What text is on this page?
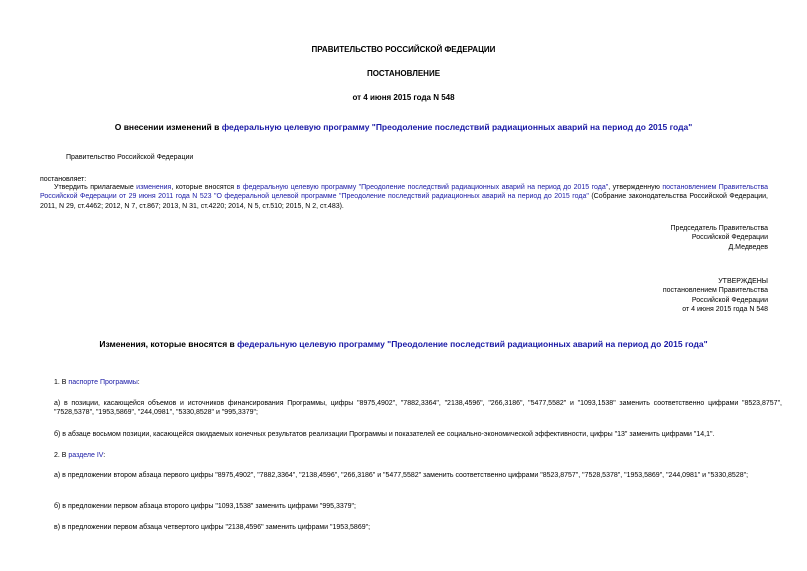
ПРАВИТЕЛЬСТВО РОССИЙСКОЙ ФЕДЕРАЦИИ
ПОСТАНОВЛЕНИЕ
от 4 июня 2015 года N 548
О внесении изменений в федеральную целевую программу "Преодоление последствий радиационных аварий на период до 2015 года"
Правительство Российской Федерации
постановляет:
Утвердить прилагаемые изменения, которые вносятся в федеральную целевую программу "Преодоление последствий радиационных аварий на период до 2015 года", утвержденную постановлением Правительства Российской Федерации от 29 июня 2011 года N 523 "О федеральной целевой программе "Преодоление последствий радиационных аварий на период до 2015 года" (Собрание законодательства Российской Федерации, 2011, N 29, ст.4462; 2012, N 7, ст.867; 2013, N 31, ст.4220; 2014, N 5, ст.510; 2015, N 2, ст.483).
Председатель Правительства
Российской Федерации
Д.Медведев
УТВЕРЖДЕНЫ
постановлением Правительства
Российской Федерации
от 4 июня 2015 года N 548
Изменения, которые вносятся в федеральную целевую программу "Преодоление последствий радиационных аварий на период до 2015 года"
1. В паспорте Программы:
а) в позиции, касающейся объемов и источников финансирования Программы, цифры "8975,4902", "7882,3364", "2138,4596", "266,3186", "5477,5582" и "1093,1538" заменить соответственно цифрами "8523,8757", "7528,5378", "1953,5869", "244,0981", "5330,8528" и "995,3379";
б) в абзаце восьмом позиции, касающейся ожидаемых конечных результатов реализации Программы и показателей ее социально-экономической эффективности, цифры "13" заменить цифрами "14,1".
2. В разделе IV:
а) в предложении втором абзаца первого цифры "8975,4902", "7882,3364", "2138,4596", "266,3186" и "5477,5582" заменить соответственно цифрами "8523,8757", "7528,5378", "1953,5869", "244,0981" и "5330,8528";
б) в предложении первом абзаца второго цифры "1093,1538" заменить цифрами "995,3379";
в) в предложении первом абзаца четвертого цифры "2138,4596" заменить цифрами "1953,5869";
